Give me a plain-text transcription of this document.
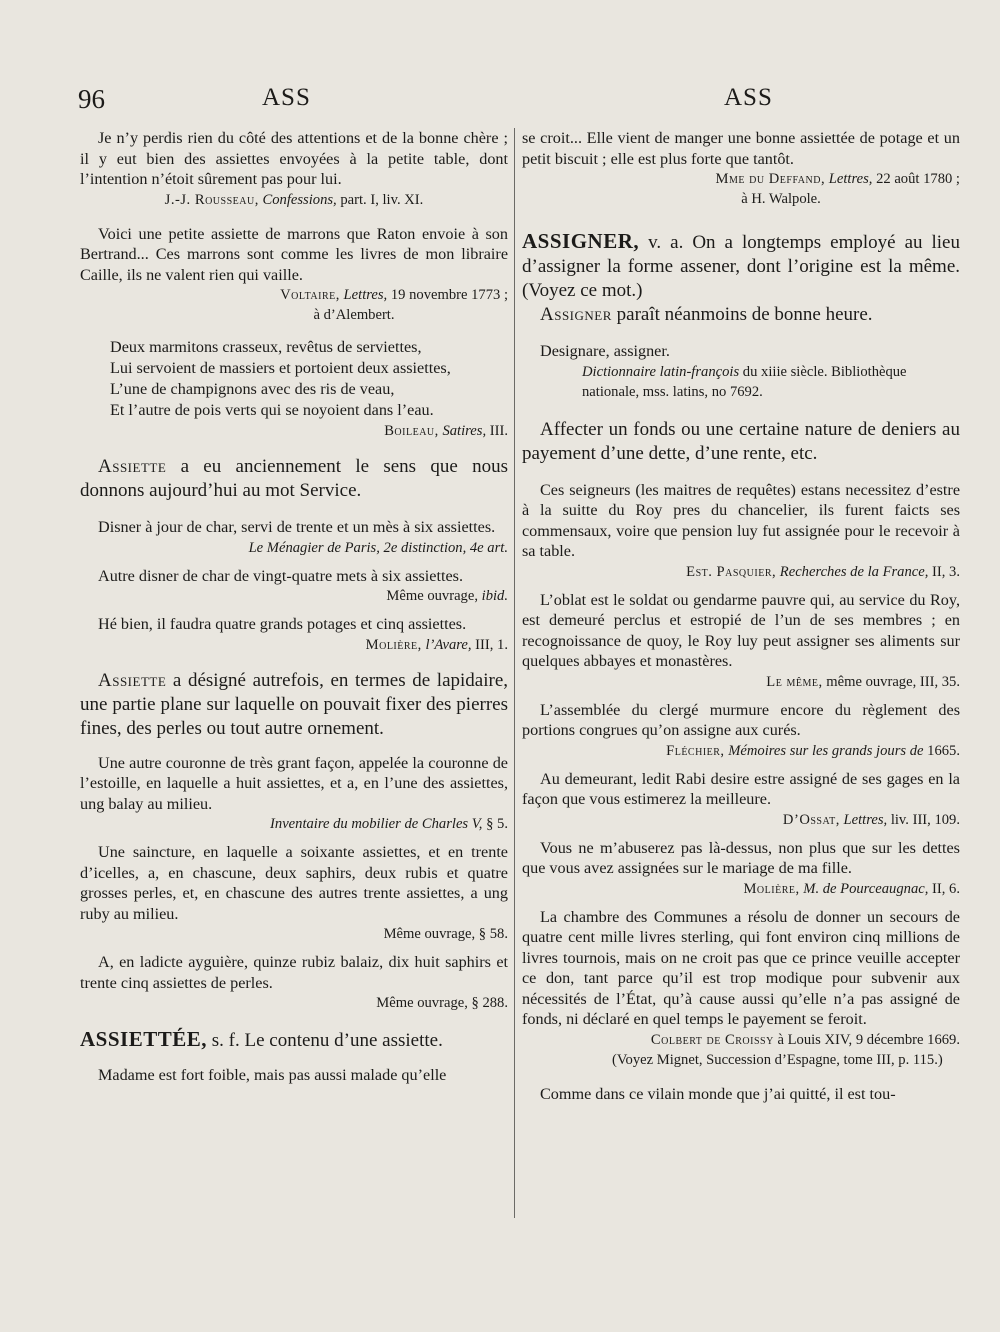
96	ASS	ASS

Je n’y perdis rien du côté des attentions et de la bonne chère ; il y eut bien des assiettes envoyées à la petite table, dont l’intention n’étoit sûrement pas pour lui.

J.-J. Rousseau, Confessions, part. I, liv. XI.

Voici une petite assiette de marrons que Raton envoie à son Bertrand... Ces marrons sont comme les livres de mon libraire Caille, ils ne valent rien qui vaille.

Voltaire, Lettres, 19 novembre 1773 ;

à d’Alembert.

Deux marmitons crasseux, revêtus de serviettes,

Lui servoient de massiers et portoient deux assiettes,

L’une de champignons avec des ris de veau,

Et l’autre de pois verts qui se noyoient dans l’eau.

Boileau, Satires, III.

Assiette a eu anciennement le sens que nous donnons aujourd’hui au mot Service.

Disner à jour de char, servi de trente et un mès à six assiettes.

Le Ménagier de Paris, 2e distinction, 4e art.

Autre disner de char de vingt-quatre mets à six assiettes.

Même ouvrage, ibid.

Hé bien, il faudra quatre grands potages et cinq assiettes.

Molière, l’Avare, III, 1.

Assiette a désigné autrefois, en termes de lapidaire, une partie plane sur laquelle on pouvait fixer des pierres fines, des perles ou tout autre ornement.

Une autre couronne de très grant façon, appelée la couronne de l’estoille, en laquelle a huit assiettes, et a, en l’une des assiettes, ung balay au milieu.

Inventaire du mobilier de Charles V, § 5.

Une saincture, en laquelle a soixante assiettes, et en trente d’icelles, a, en chascune, deux saphirs, deux rubis et quatre grosses perles, et, en chascune des autres trente assiettes, a ung ruby au milieu.

Même ouvrage, § 58.

A, en ladicte ayguière, quinze rubiz balaiz, dix huit saphirs et trente cinq assiettes de perles.

Même ouvrage, § 288.

ASSIETTÉE, s. f. Le contenu d’une assiette.

Madame est fort foible, mais pas aussi malade qu’elle

se croit... Elle vient de manger une bonne assiettée de potage et un petit biscuit ; elle est plus forte que tantôt.

Mme du Deffand, Lettres, 22 août 1780 ;

à H. Walpole.

ASSIGNER, v. a. On a longtemps employé au lieu d’assigner la forme assener, dont l’origine est la même. (Voyez ce mot.)

Assigner paraît néanmoins de bonne heure.

Designare, assigner.

Dictionnaire latin-françois du xiiie siècle. Bibliothèque nationale, mss. latins, no 7692.

Affecter un fonds ou une certaine nature de deniers au payement d’une dette, d’une rente, etc.

Ces seigneurs (les maitres de requêtes) estans necessitez d’estre à la suitte du Roy pres du chancelier, ils furent faicts ses commensaux, voire que pension luy fut assignée pour le recevoir à sa table.

Est. Pasquier, Recherches de la France, II, 3.

L’oblat est le soldat ou gendarme pauvre qui, au service du Roy, est demeuré perclus et estropié de l’un de ses membres ; en recognoissance de quoy, le Roy luy peut assigner ses aliments sur quelques abbayes et monastères.

Le même, même ouvrage, III, 35.

L’assemblée du clergé murmure encore du règlement des portions congrues qu’on assigne aux curés.

Fléchier, Mémoires sur les grands jours de 1665.

Au demeurant, ledit Rabi desire estre assigné de ses gages en la façon que vous estimerez la meilleure.

D’Ossat, Lettres, liv. III, 109.

Vous ne m’abuserez pas là-dessus, non plus que sur les dettes que vous avez assignées sur le mariage de ma fille.

Molière, M. de Pourceaugnac, II, 6.

La chambre des Communes a résolu de donner un secours de quatre cent mille livres sterling, qui font environ cinq millions de livres tournois, mais on ne croit pas que ce prince veuille accepter ce don, tant parce qu’il est trop modique pour subvenir aux nécessités de l’État, qu’à cause aussi qu’elle n’a pas assigné de fonds, ni déclaré en quel temps le payement se feroit.

Colbert de Croissy à Louis XIV, 9 décembre 1669.

(Voyez Mignet, Succession d’Espagne, tome III, p. 115.)

Comme dans ce vilain monde que j’ai quitté, il est tou-
